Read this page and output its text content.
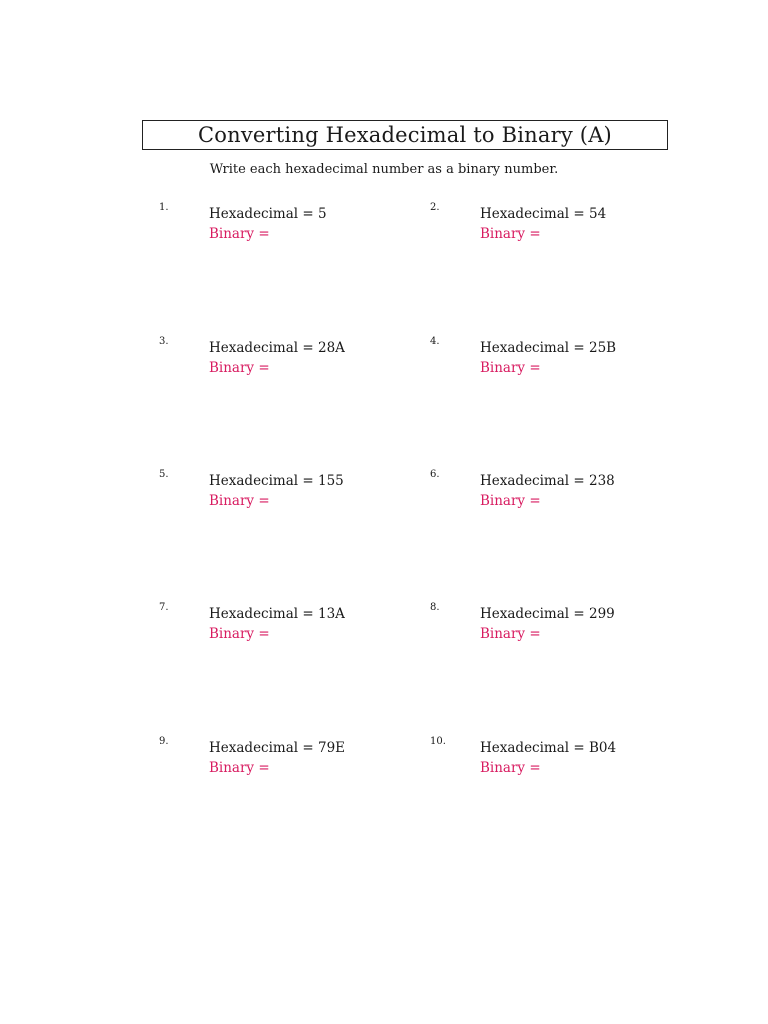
Converting Hexadecimal to Binary (A)
Write each hexadecimal number as a binary number.
1.	Hexadecimal = 5
Binary =
2.	Hexadecimal = 54
Binary =
3.	Hexadecimal = 28A
Binary =
4.	Hexadecimal = 25B
Binary =
5.	Hexadecimal = 155
Binary =
6.	Hexadecimal = 238
Binary =
7.	Hexadecimal = 13A
Binary =
8.	Hexadecimal = 299
Binary =
9.	Hexadecimal = 79E
Binary =
10.	Hexadecimal = B04
Binary =
